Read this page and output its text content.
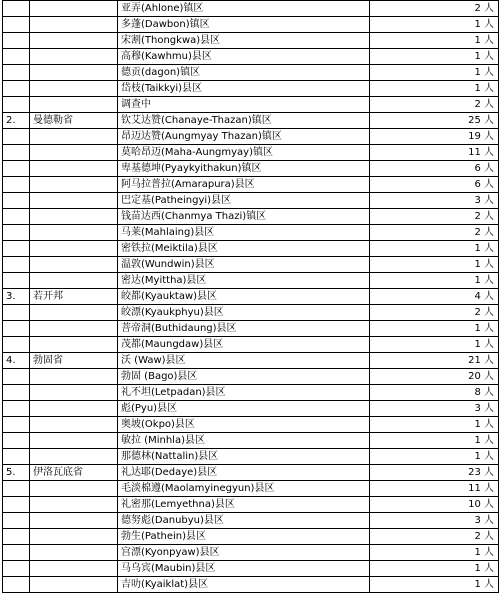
		亚弄(Ahlone)镇区	2 人
		多蓬(Dawbon)镇区	1 人
		宋割(Thongkwa)县区	1 人
		高穆(Kawhmu)县区	1 人
		德贡(dagon)镇区	1 人
		岱枝(Taikkyi)县区	1 人
		调查中	2 人
2.	曼德勒省	钦艾达赞(Chanaye-Thazan)镇区	25 人
		昂迈达赞(Aungmyay Thazan)镇区	19 人
		莫哈昂迈(Maha-Aungmyay)镇区	11 人
		卑基德坤(Pyaykyithakun)镇区	6 人
		阿马拉普拉(Amarapura)县区	6 人
		巴定基(Patheingyi)县区	3 人
		钱苗达西(Chanmya Thazi)镇区	2 人
		马莱(Mahlaing)县区	2 人
		密铁拉(Meiktila)县区	1 人
		温敦(Wundwin)县区	1 人
		密达(Myittha)县区	1 人
3.	若开邦	皎都(Kyauktaw)县区	4 人
		皎漂(Kyaukphyu)县区	2 人
		菩帝洞(Buthidaung)县区	1 人
		茂都(Maungdaw)县区	1 人
4.	勃固省	沃 (Waw)县区	21 人
		勃固 (Bago)县区	20 人
		礼不坦(Letpadan)县区	8 人
		彪(Pyu)县区	3 人
		奥坡(Okpo)县区	1 人
		敏拉 (Minhla)县区	1 人
		那德林(Nattalin)县区	1 人
5.	伊洛瓦底省	礼达耶(Dedaye)县区	23 人
		毛淡棉遵(Maolamyinegyun)县区	11 人
		礼密那(Lemyethna)县区	10 人
		德努彪(Danubyu)县区	3 人
		勃生(Pathein)县区	2 人
		宫漂(Kyonpyaw)县区	1 人
		马乌宾(Maubin)县区	1 人
		吉叻(Kyaiklat)县区	1 人
